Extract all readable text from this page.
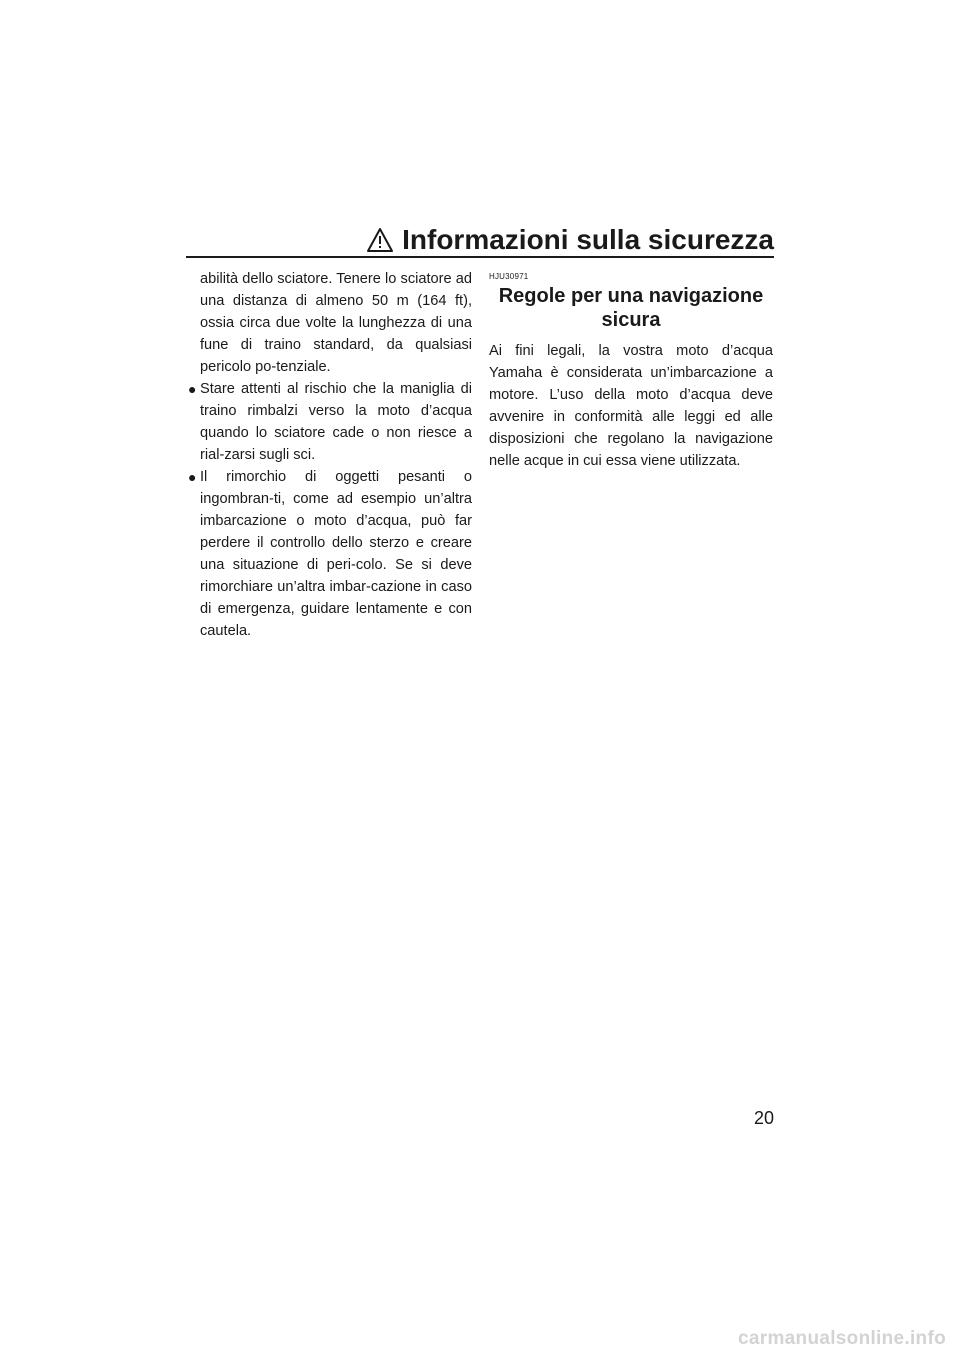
Informazioni sulla sicurezza

abilità dello sciatore. Tenere lo sciatore ad una distanza di almeno 50 m (164 ft), ossia circa due volte la lunghezza di una fune di traino standard, da qualsiasi pericolo po-tenziale.

● Stare attenti al rischio che la maniglia di traino rimbalzi verso la moto d’acqua quando lo sciatore cade o non riesce a rial-zarsi sugli sci.
● Il rimorchio di oggetti pesanti o ingombran-ti, come ad esempio un’altra imbarcazione o moto d’acqua, può far perdere il controllo dello sterzo e creare una situazione di peri-colo. Se si deve rimorchiare un’altra imbar-cazione in caso di emergenza, guidare lentamente e con cautela.

HJU30971

Regole per una navigazione sicura

Ai fini legali, la vostra moto d’acqua Yamaha è considerata un’imbarcazione a motore. L’uso della moto d’acqua deve avvenire in conformità alle leggi ed alle disposizioni che regolano la navigazione nelle acque in cui essa viene utilizzata.

20
carmanualsonline.info
